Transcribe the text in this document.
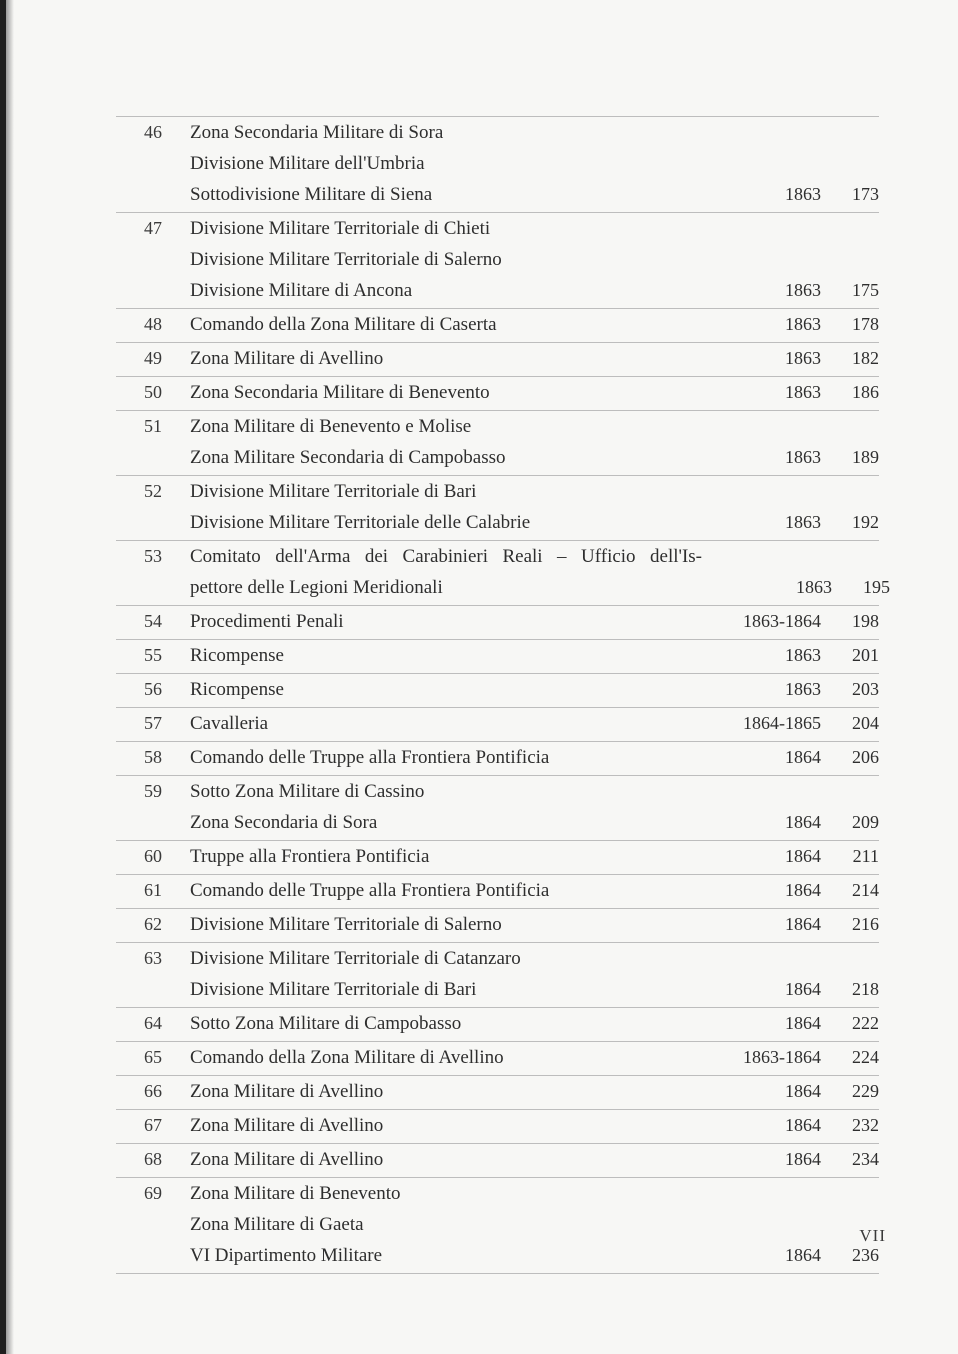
46	Zona Secondaria Militare di Sora
Divisione Militare dell'Umbria
Sottodivisione Militare di Siena	1863	173
47	Divisione Militare Territoriale di Chieti
Divisione Militare Territoriale di Salerno
Divisione Militare di Ancona	1863	175
48	Comando della Zona Militare di Caserta	1863	178
49	Zona Militare di Avellino	1863	182
50	Zona Secondaria Militare di Benevento	1863	186
51	Zona Militare di Benevento e Molise
Zona Militare Secondaria di Campobasso	1863	189
52	Divisione Militare Territoriale di Bari
Divisione Militare Territoriale delle Calabrie	1863	192
53	Comitato dell'Arma dei Carabinieri Reali – Ufficio dell'Is-
pettore delle Legioni Meridionali	1863	195
54	Procedimenti Penali	1863-1864	198
55	Ricompense	1863	201
56	Ricompense	1863	203
57	Cavalleria	1864-1865	204
58	Comando delle Truppe alla Frontiera Pontificia	1864	206
59	Sotto Zona Militare di Cassino
Zona Secondaria di Sora	1864	209
60	Truppe alla Frontiera Pontificia	1864	211
61	Comando delle Truppe alla Frontiera Pontificia	1864	214
62	Divisione Militare Territoriale di Salerno	1864	216
63	Divisione Militare Territoriale di Catanzaro
Divisione Militare Territoriale di Bari	1864	218
64	Sotto Zona Militare di Campobasso	1864	222
65	Comando della Zona Militare di Avellino	1863-1864	224
66	Zona Militare di Avellino	1864	229
67	Zona Militare di Avellino	1864	232
68	Zona Militare di Avellino	1864	234
69	Zona Militare di Benevento
Zona Militare di Gaeta
VI Dipartimento Militare	1864	236
VII
